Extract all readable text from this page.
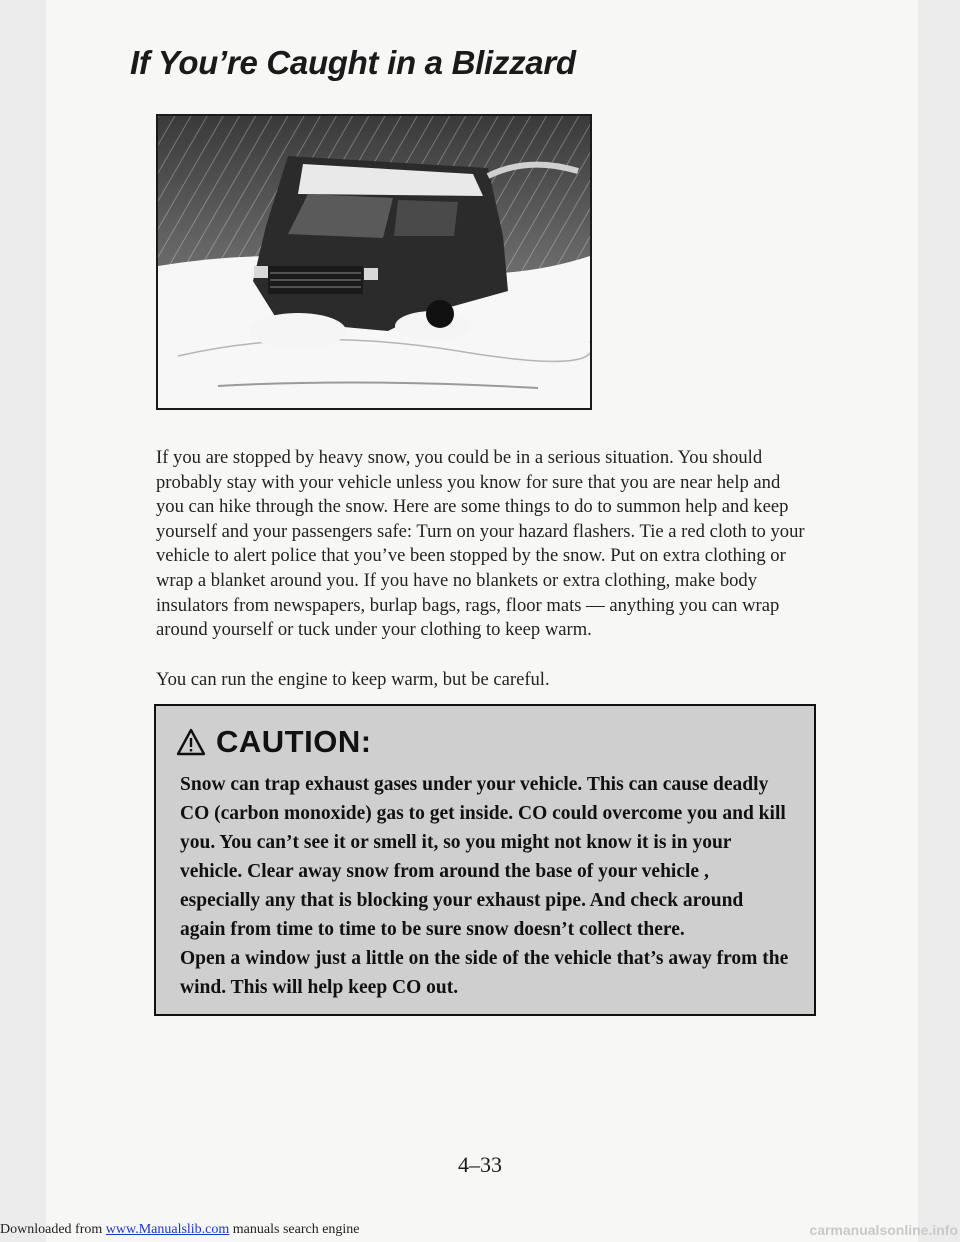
If You’re Caught in a Blizzard

If you are stopped by heavy snow, you could be in a serious situation. You should probably stay with your vehicle unless you know for sure that you are near help and you can hike through the snow. Here are some things to do to summon help and keep yourself and your passengers safe: Turn on your hazard flashers. Tie a red cloth to your vehicle to alert police that you’ve been stopped by the snow. Put on extra clothing or wrap a blanket around you. If you have no blankets or extra clothing, make body insulators from newspapers, burlap bags, rags, floor mats — anything you can wrap around yourself or tuck under your clothing to keep warm.

You can run the engine to keep warm, but be careful.

CAUTION:

Snow can trap exhaust gases under your vehicle. This can cause deadly CO (carbon monoxide) gas to get inside. CO could overcome you and kill you. You can’t see it or smell it, so you might not know it is in your vehicle. Clear away snow from around the base of your vehicle , especially any that is blocking your exhaust pipe. And check around again from time to time to be sure snow doesn’t collect there.

Open a window just a little on the side of the vehicle that’s away from the wind. This will help keep CO out.

4–33

Downloaded from www.Manualslib.com manuals search engine	carmanualsonline.info
